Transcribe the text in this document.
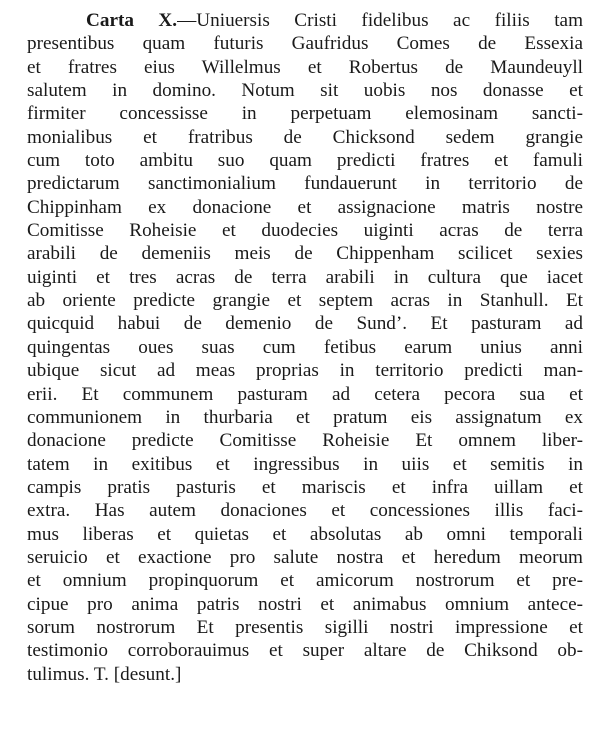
Carta X.—Uniuersis Cristi fidelibus ac filiis tam
presentibus quam futuris Gaufridus Comes de Essexia
et fratres eius Willelmus et Robertus de Maundeuyll
salutem in domino. Notum sit uobis nos donasse et
firmiter concessisse in perpetuam elemosinam sancti-
monialibus et fratribus de Chicksond sedem grangie
cum toto ambitu suo quam predicti fratres et famuli
predictarum sanctimonialium fundauerunt in territorio de
Chippinham ex donacione et assignacione matris nostre
Comitisse Roheisie et duodecies uiginti acras de terra
arabili de demeniis meis de Chippenham scilicet sexies
uiginti et tres acras de terra arabili in cultura que iacet
ab oriente predicte grangie et septem acras in Stanhull. Et
quicquid habui de demenio de Sund’. Et pasturam ad
quingentas oues suas cum fetibus earum unius anni
ubique sicut ad meas proprias in territorio predicti man-
erii. Et communem pasturam ad cetera pecora sua et
communionem in thurbaria et pratum eis assignatum ex
donacione predicte Comitisse Roheisie Et omnem liber-
tatem in exitibus et ingressibus in uiis et semitis in
campis pratis pasturis et mariscis et infra uillam et
extra. Has autem donaciones et concessiones illis faci-
mus liberas et quietas et absolutas ab omni temporali
seruicio et exactione pro salute nostra et heredum meorum
et omnium propinquorum et amicorum nostrorum et pre-
cipue pro anima patris nostri et animabus omnium antece-
sorum nostrorum Et presentis sigilli nostri impressione et
testimonio corroborauimus et super altare de Chiksond ob-
tulimus. T. [desunt.]
